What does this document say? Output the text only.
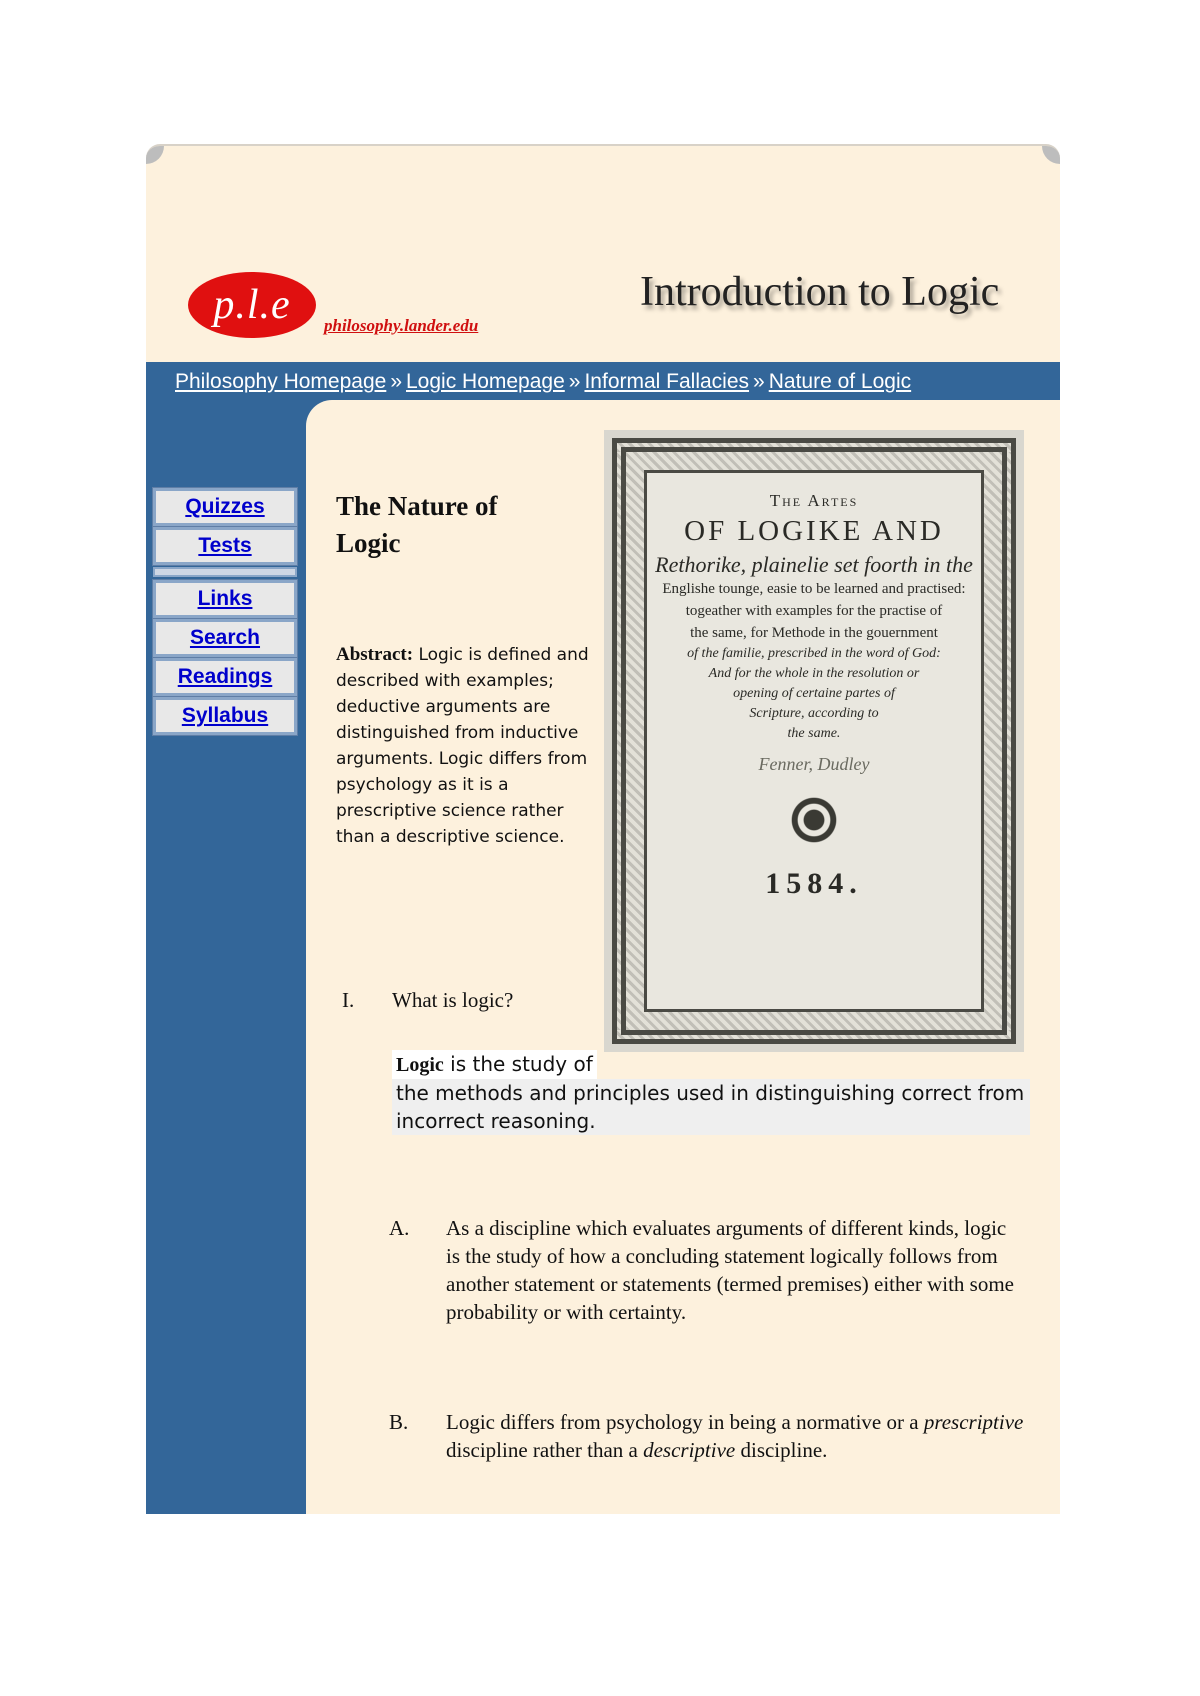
p.l.e	philosophy.lander.edu
Introduction to Logic
Philosophy Homepage » Logic Homepage » Informal Fallacies » Nature of Logic
Quizzes
Tests
Links
Search
Readings
Syllabus
The Nature of Logic
Abstract: Logic is defined and described with examples; deductive arguments are distinguished from inductive arguments. Logic differs from psychology as it is a prescriptive science rather than a descriptive science.
The Artes
OF LOGIKE AND
Rethorike, plainelie set foorth in the
Englishe tounge, easie to be learned and practised:
togeather with examples for the practise of
the same, for Methode in the gouernment
of the familie, prescribed in the word of God:
And for the whole in the resolution or
opening of certaine partes of
Scripture, according to
the same.
Fenner, Dudley
1584.
I. What is logic?
Logic is the study of
the methods and principles used in distinguishing correct from incorrect reasoning.
A. As a discipline which evaluates arguments of different kinds, logic is the study of how a concluding statement logically follows from another statement or statements (termed premises) either with some probability or with certainty.
B. Logic differs from psychology in being a normative or a prescriptive discipline rather than a descriptive discipline.
